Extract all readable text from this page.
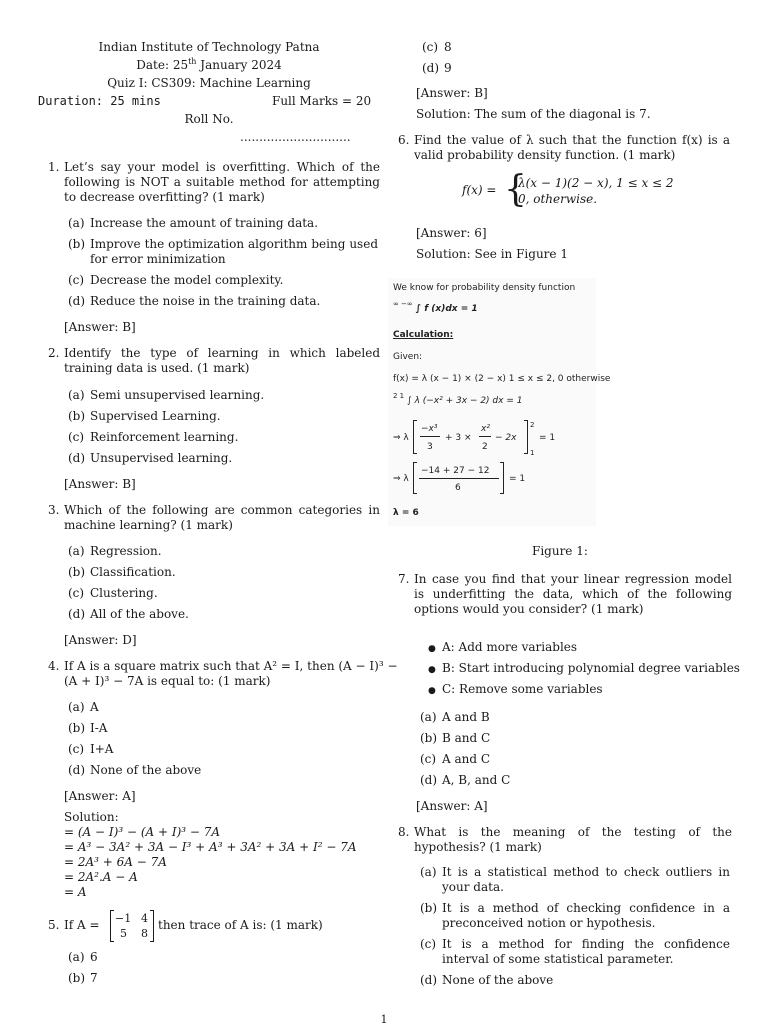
Indian Institute of Technology Patna
Date: 25th January 2024
Quiz I: CS309: Machine Learning
Duration: 25 mins	Full Marks = 20
Roll No.
.............................
1. Let’s say your model is overfitting. Which of the following is NOT a suitable method for attempting to decrease overfitting? (1 mark)
(a) Increase the amount of training data.
(b) Improve the optimization algorithm being used for error minimization
(c) Decrease the model complexity.
(d) Reduce the noise in the training data.
[Answer: B]
2. Identify the type of learning in which labeled training data is used. (1 mark)
(a) Semi unsupervised learning.
(b) Supervised Learning.
(c) Reinforcement learning.
(d) Unsupervised learning.
[Answer: B]
3. Which of the following are common categories in machine learning? (1 mark)
(a) Regression.
(b) Classification.
(c) Clustering.
(d) All of the above.
[Answer: D]
4. If A is a square matrix such that A² = I, then (A − I)³ −
(A + I)³ − 7A is equal to: (1 mark)
(a) A
(b) I-A
(c) I+A
(d) None of the above
[Answer: A]
Solution:
= (A − I)³ − (A + I)³ − 7A
= A³ − 3A² + 3A − I³ + A³ + 3A² + 3A + I² − 7A
= 2A³ + 6A − 7A
= 2A².A − A
= A
5. If A = −1 4
5 8
then trace of A is: (1 mark)
(a) 6
(b) 7
(c) 8
(d) 9
[Answer: B]
Solution: The sum of the diagonal is 7.
6. Find the value of λ such that the function f(x) is a valid probability density function. (1 mark)
f(x) = {
λ(x − 1)(2 − x), 1 ≤ x ≤ 2
0, otherwise.
[Answer: 6]
Solution: See in Figure 1
We know for probability density function
∞ −∞ ∫ f (x)dx = 1
Calculation:
Given:
f(x) = λ (x − 1) × (2 − x) 1 ≤ x ≤ 2, 0 otherwise
$^{2 1}$ ∫ λ (−x² + 3x − 2) dx = 1
⇒ λ
−x³
3
+ 3 ×
x²
2
− 2x
2
1
= 1
⇒ λ
−14 + 27 − 12
6
= 1
λ = 6
Figure 1:
7. In case you find that your linear regression model is underfitting the data, which of the following options would you consider? (1 mark)
● A: Add more variables
● B: Start introducing polynomial degree variables
● C: Remove some variables
(a) A and B
(b) B and C
(c) A and C
(d) A, B, and C
[Answer: A]
8. What is the meaning of the testing of the hypothesis? (1 mark)
(a) It is a statistical method to check outliers in your data.
(b) It is a method of checking confidence in a preconceived notion or hypothesis.
(c) It is a method for finding the confidence interval of some statistical parameter.
(d) None of the above
1
